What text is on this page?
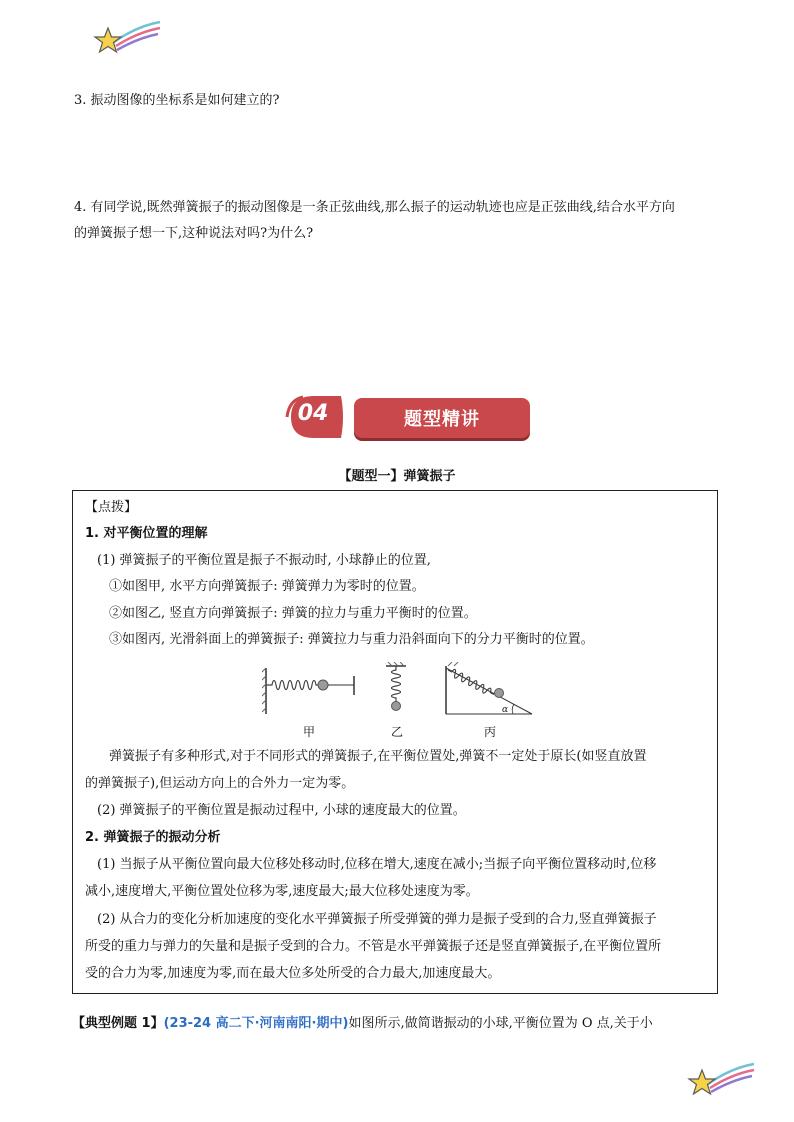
3. 振动图像的坐标系是如何建立的?
4. 有同学说,既然弹簧振子的振动图像是一条正弦曲线,那么振子的运动轨迹也应是正弦曲线,结合水平方向
的弹簧振子想一下,这种说法对吗?为什么?
04	题型精讲
【题型一】弹簧振子
【点拨】
1. 对平衡位置的理解
(1) 弹簧振子的平衡位置是振子不振动时, 小球静止的位置,
①如图甲, 水平方向弹簧振子: 弹簧弹力为零时的位置。
②如图乙, 竖直方向弹簧振子: 弹簧的拉力与重力平衡时的位置。
③如图丙, 光滑斜面上的弹簧振子: 弹簧拉力与重力沿斜面向下的分力平衡时的位置。
弹簧振子有多种形式,对于不同形式的弹簧振子,在平衡位置处,弹簧不一定处于原长(如竖直放置
的弹簧振子),但运动方向上的合外力一定为零。
(2) 弹簧振子的平衡位置是振动过程中, 小球的速度最大的位置。
2. 弹簧振子的振动分析
(1) 当振子从平衡位置向最大位移处移动时,位移在增大,速度在减小;当振子向平衡位置移动时,位移
减小,速度增大,平衡位置处位移为零,速度最大;最大位移处速度为零。
(2) 从合力的变化分析加速度的变化水平弹簧振子所受弹簧的弹力是振子受到的合力,竖直弹簧振子
所受的重力与弹力的矢量和是振子受到的合力。不管是水平弹簧振子还是竖直弹簧振子,在平衡位置所
受的合力为零,加速度为零,而在最大位多处所受的合力最大,加速度最大。
α
甲	乙	丙
【典型例题 1】(23-24 高二下·河南南阳·期中)如图所示,做简谐振动的小球,平衡位置为 O 点,关于小
